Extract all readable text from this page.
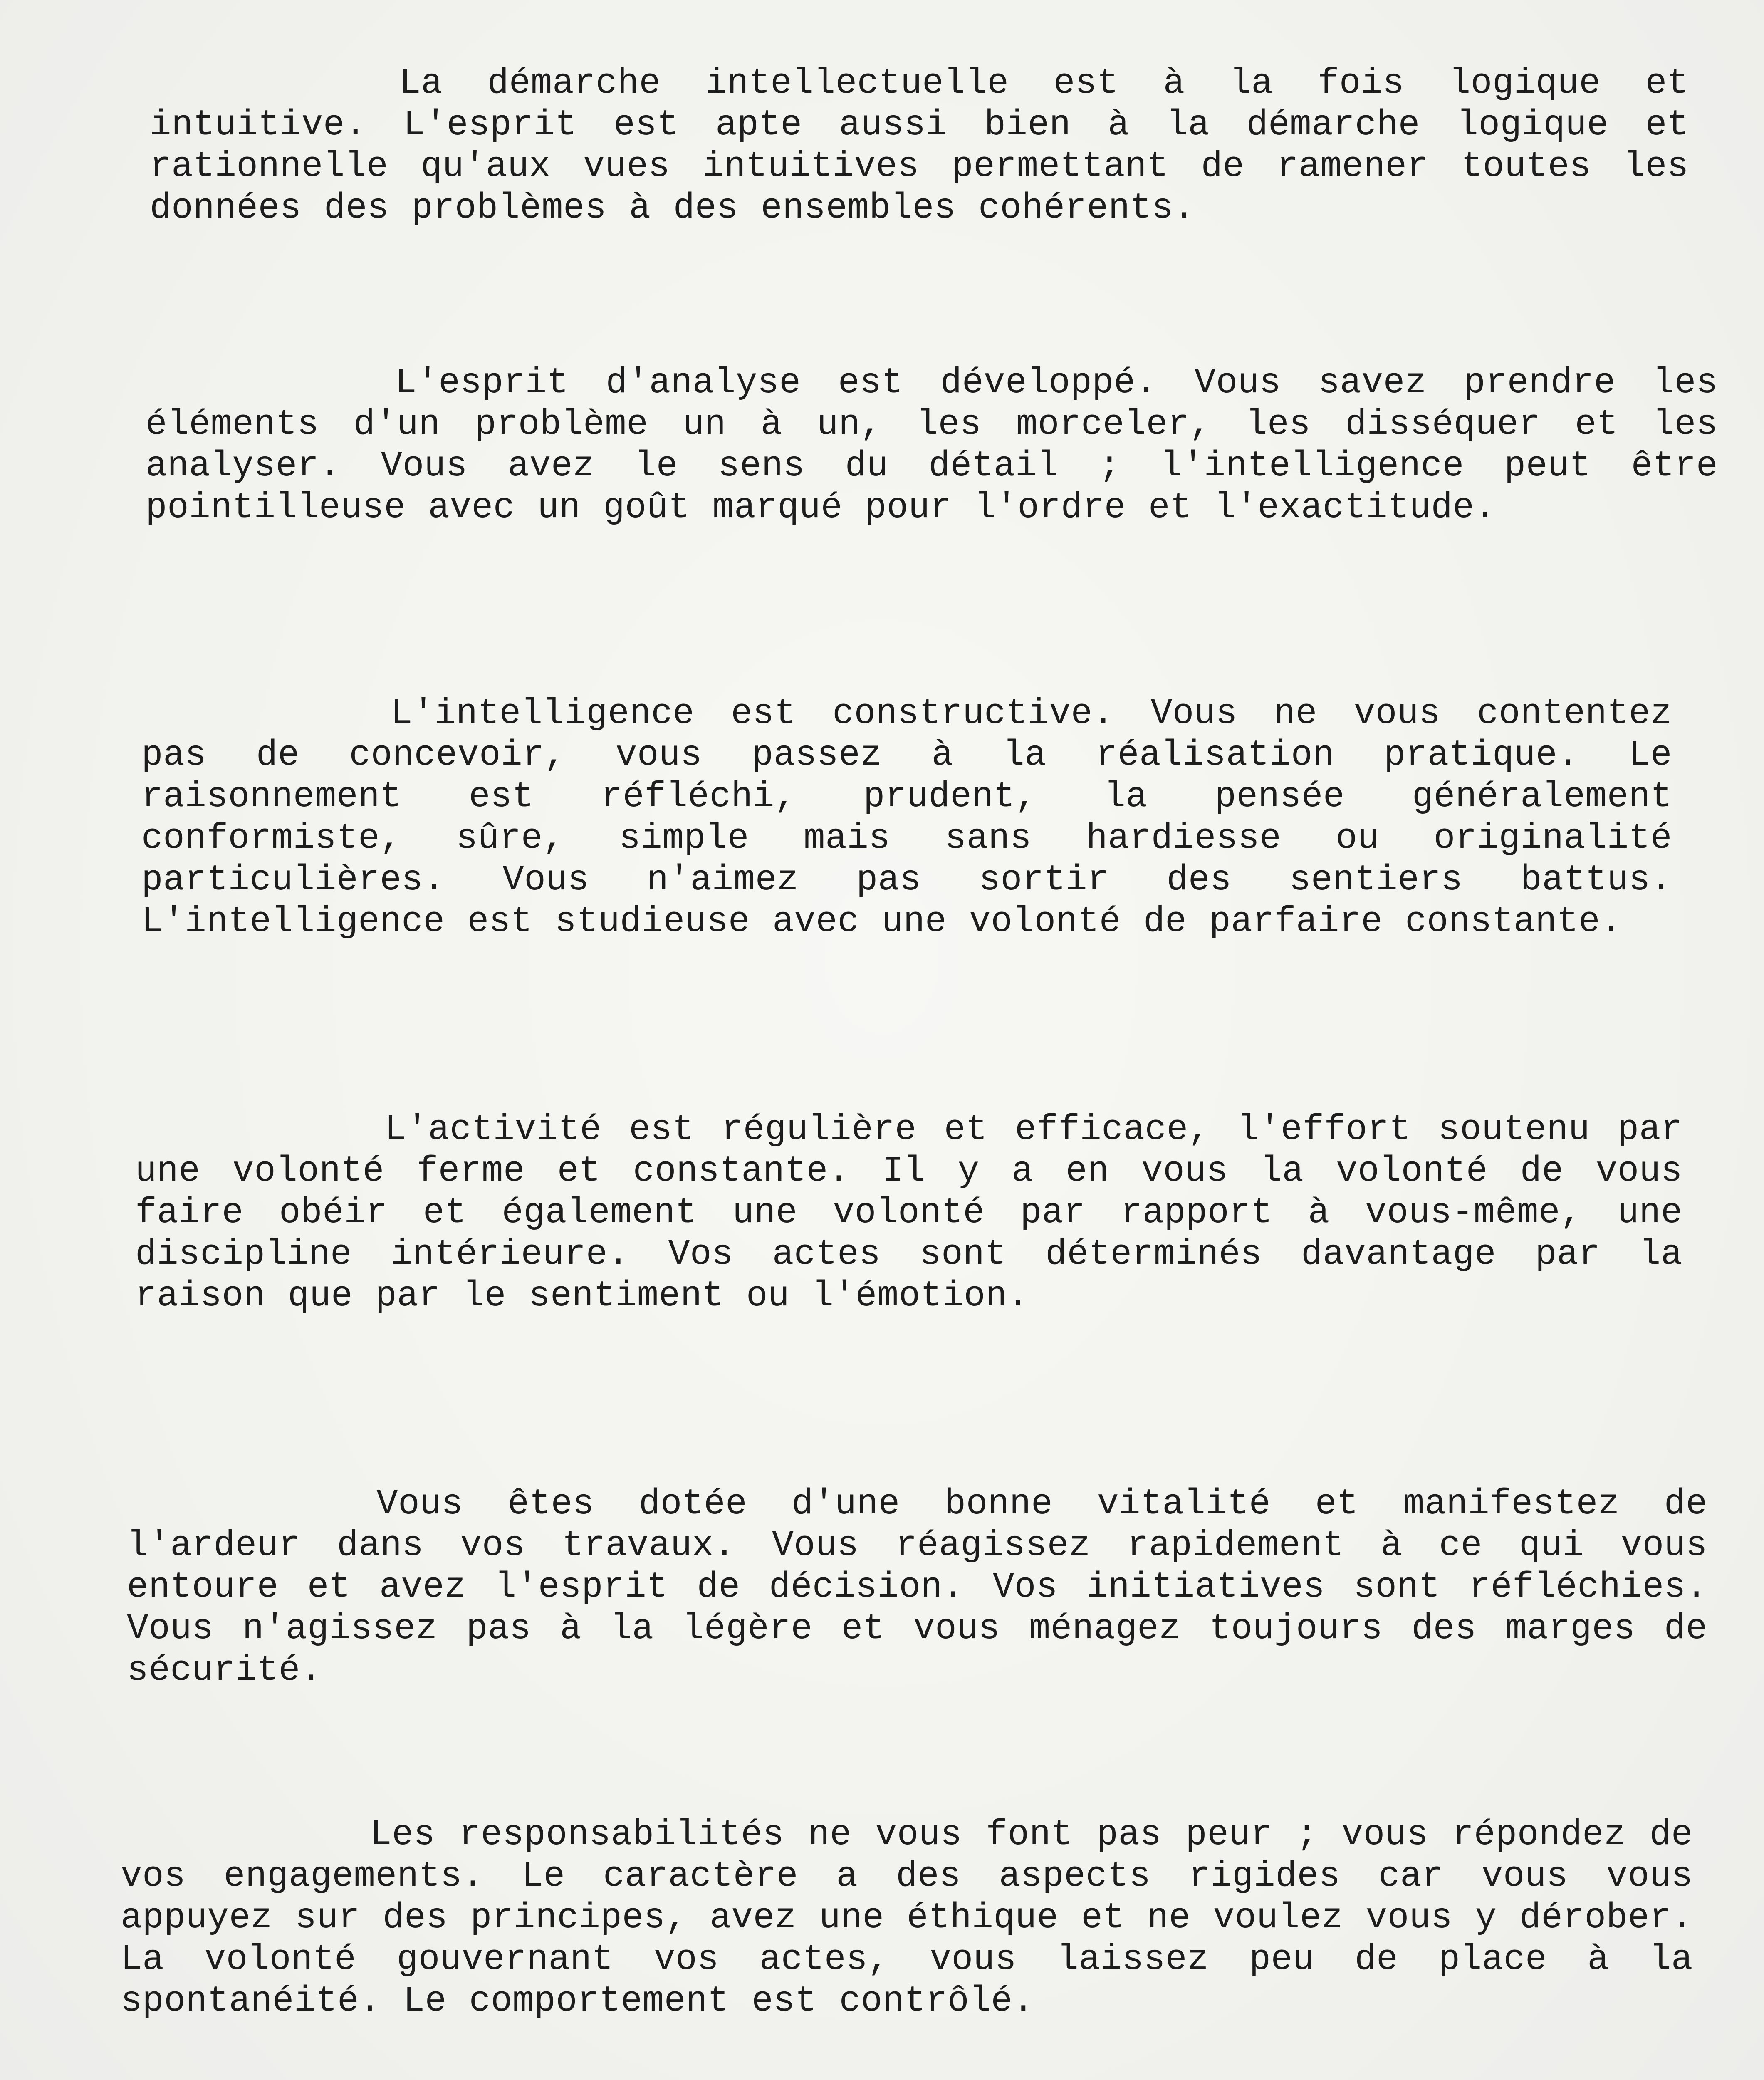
La démarche intellectuelle est à la fois logique et intuitive. L'esprit est apte aussi bien à la démarche logique et rationnelle qu'aux vues intuitives permettant de ramener toutes les données des problèmes à des ensembles cohérents.

L'esprit d'analyse est développé. Vous savez prendre les éléments d'un problème un à un, les morceler, les disséquer et les analyser. Vous avez le sens du détail ; l'intelligence peut être pointilleuse avec un goût marqué pour l'ordre et l'exactitude.

L'intelligence est constructive. Vous ne vous contentez pas de concevoir, vous passez à la réalisation pratique. Le raisonnement est réfléchi, prudent, la pensée généralement conformiste, sûre, simple mais sans hardiesse ou originalité particulières. Vous n'aimez pas sortir des sentiers battus. L'intelligence est studieuse avec une volonté de parfaire constante.

L'activité est régulière et efficace, l'effort soutenu par une volonté ferme et constante. Il y a en vous la volonté de vous faire obéir et également une volonté par rapport à vous-même, une discipline intérieure. Vos actes sont déterminés davantage par la raison que par le sentiment ou l'émotion.

Vous êtes dotée d'une bonne vitalité et manifestez de l'ardeur dans vos travaux. Vous réagissez rapidement à ce qui vous entoure et avez l'esprit de décision. Vos initiatives sont réfléchies. Vous n'agissez pas à la légère et vous ménagez toujours des marges de sécurité.

Les responsabilités ne vous font pas peur ; vous répondez de vos engagements. Le caractère a des aspects rigides car vous vous appuyez sur des principes, avez une éthique et ne voulez vous y dérober. La volonté gouvernant vos actes, vous laissez peu de place à la spontanéité. Le comportement est contrôlé.
